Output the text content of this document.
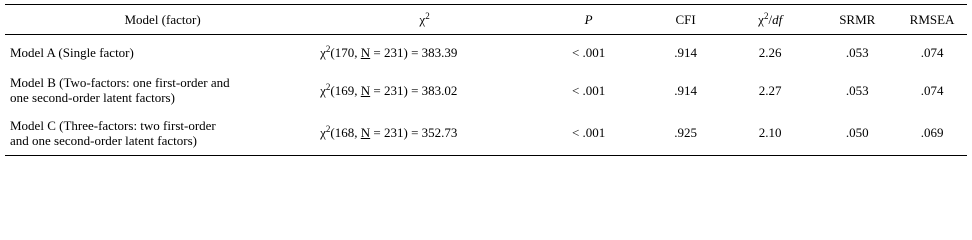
Model (factor)	$\chi^2$	P	CFI	$\chi^2/df$	SRMR	RMSEA
Model A (Single factor)	$\chi^2(170$, N = 231) = 383.39	< .001	.914	2.26	.053	.074
Model B (Two-factors: one first-order and
one second-order latent factors)	$\chi^2(169$, N = 231) = 383.02	< .001	.914	2.27	.053	.074
Model C (Three-factors: two first-order
and one second-order latent factors)	$\chi^2(168$, N = 231) = 352.73	< .001	.925	2.10	.050	.069
